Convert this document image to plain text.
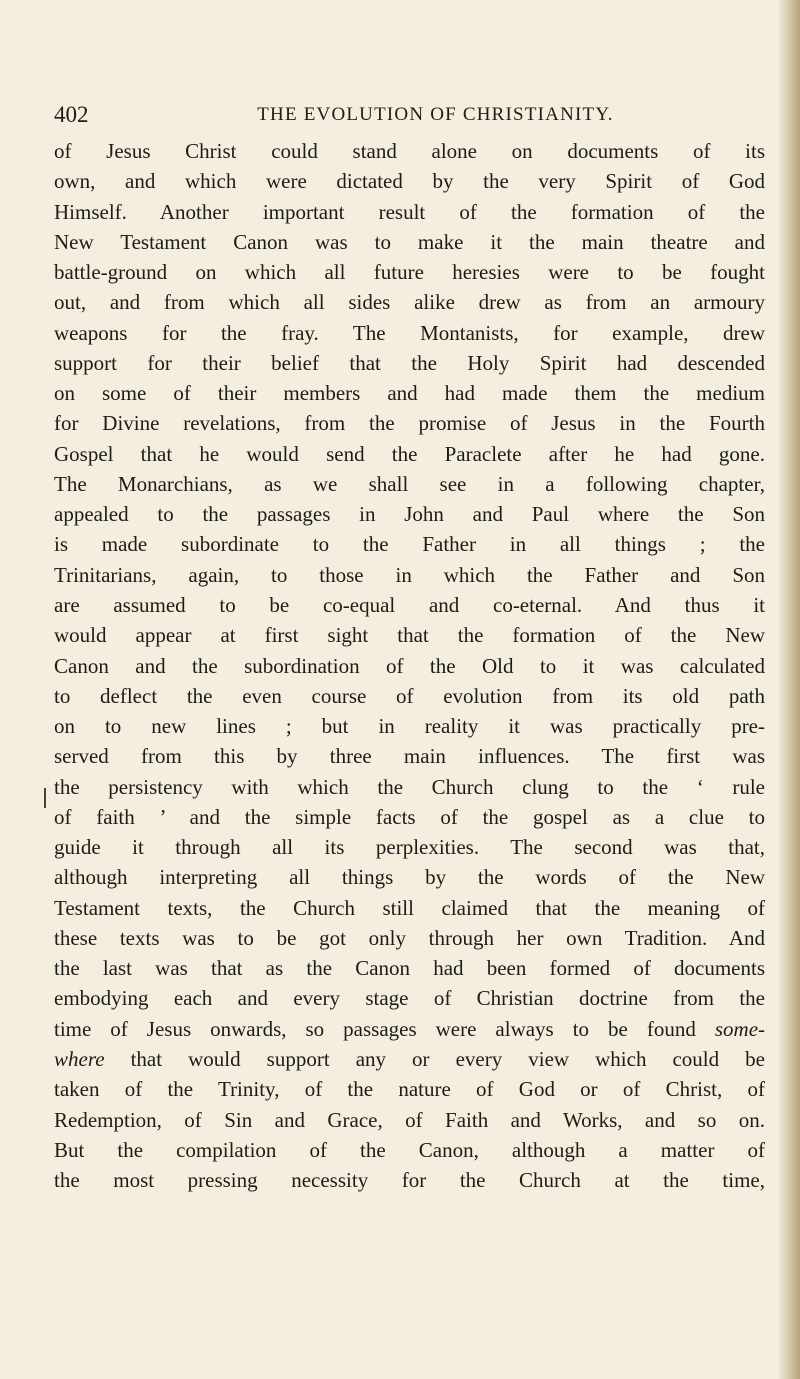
402	THE EVOLUTION OF CHRISTIANITY.
of Jesus Christ could stand alone on documents of its
own, and which were dictated by the very Spirit of God
Himself. Another important result of the formation of the
New Testament Canon was to make it the main theatre and
battle-ground on which all future heresies were to be fought
out, and from which all sides alike drew as from an armoury
weapons for the fray. The Montanists, for example, drew
support for their belief that the Holy Spirit had descended
on some of their members and had made them the medium
for Divine revelations, from the promise of Jesus in the Fourth
Gospel that he would send the Paraclete after he had gone.
The Monarchians, as we shall see in a following chapter,
appealed to the passages in John and Paul where the Son
is made subordinate to the Father in all things ; the
Trinitarians, again, to those in which the Father and Son
are assumed to be co-equal and co-eternal. And thus it
would appear at first sight that the formation of the New
Canon and the subordination of the Old to it was calculated
to deflect the even course of evolution from its old path
on to new lines ; but in reality it was practically pre-
served from this by three main influences. The first was
the persistency with which the Church clung to the ‘ rule
of faith ’ and the simple facts of the gospel as a clue to
guide it through all its perplexities. The second was that,
although interpreting all things by the words of the New
Testament texts, the Church still claimed that the meaning of
these texts was to be got only through her own Tradition. And
the last was that as the Canon had been formed of documents
embodying each and every stage of Christian doctrine from the
time of Jesus onwards, so passages were always to be found some-
where that would support any or every view which could be
taken of the Trinity, of the nature of God or of Christ, of
Redemption, of Sin and Grace, of Faith and Works, and so on.
But the compilation of the Canon, although a matter of
the most pressing necessity for the Church at the time,
